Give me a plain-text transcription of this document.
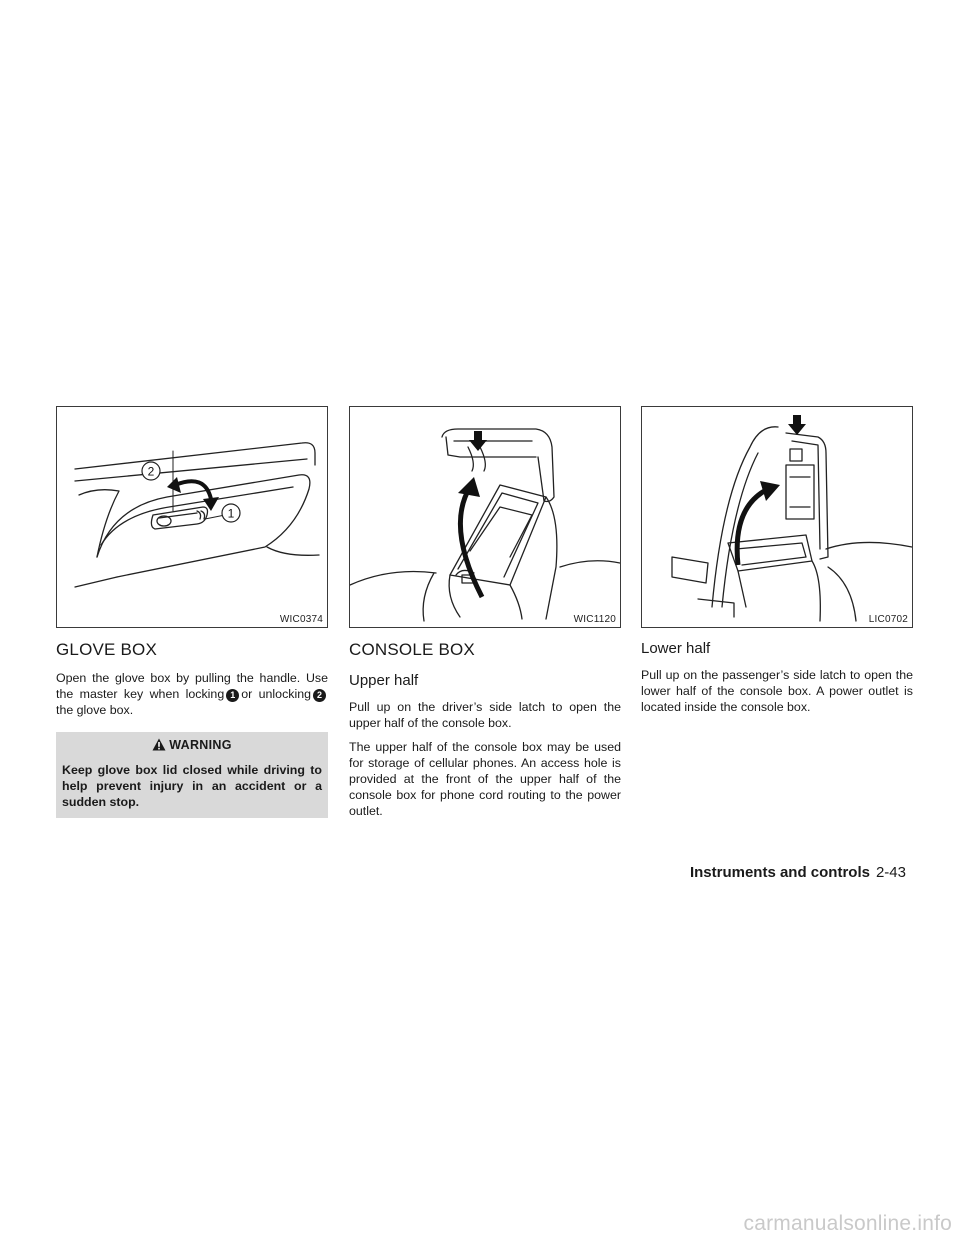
2
1
WIC0374
GLOVE BOX

Open the glove box by pulling the handle. Use the master key when locking 1 or unlocking 2the glove box.

WARNING
Keep glove box lid closed while driving to help prevent injury in an accident or a sudden stop.
WIC1120
CONSOLE BOX
Upper half

Pull up on the driver’s side latch to open the upper half of the console box.

The upper half of the console box may be used for storage of cellular phones. An access hole is provided at the front of the upper half of the console box for phone cord routing to the power outlet.

LIC0702
Lower half

Pull up on the passenger’s side latch to open the lower half of the console box. A power outlet is located inside the console box.

Instruments and controls 2-43
carmanualsonline.info
